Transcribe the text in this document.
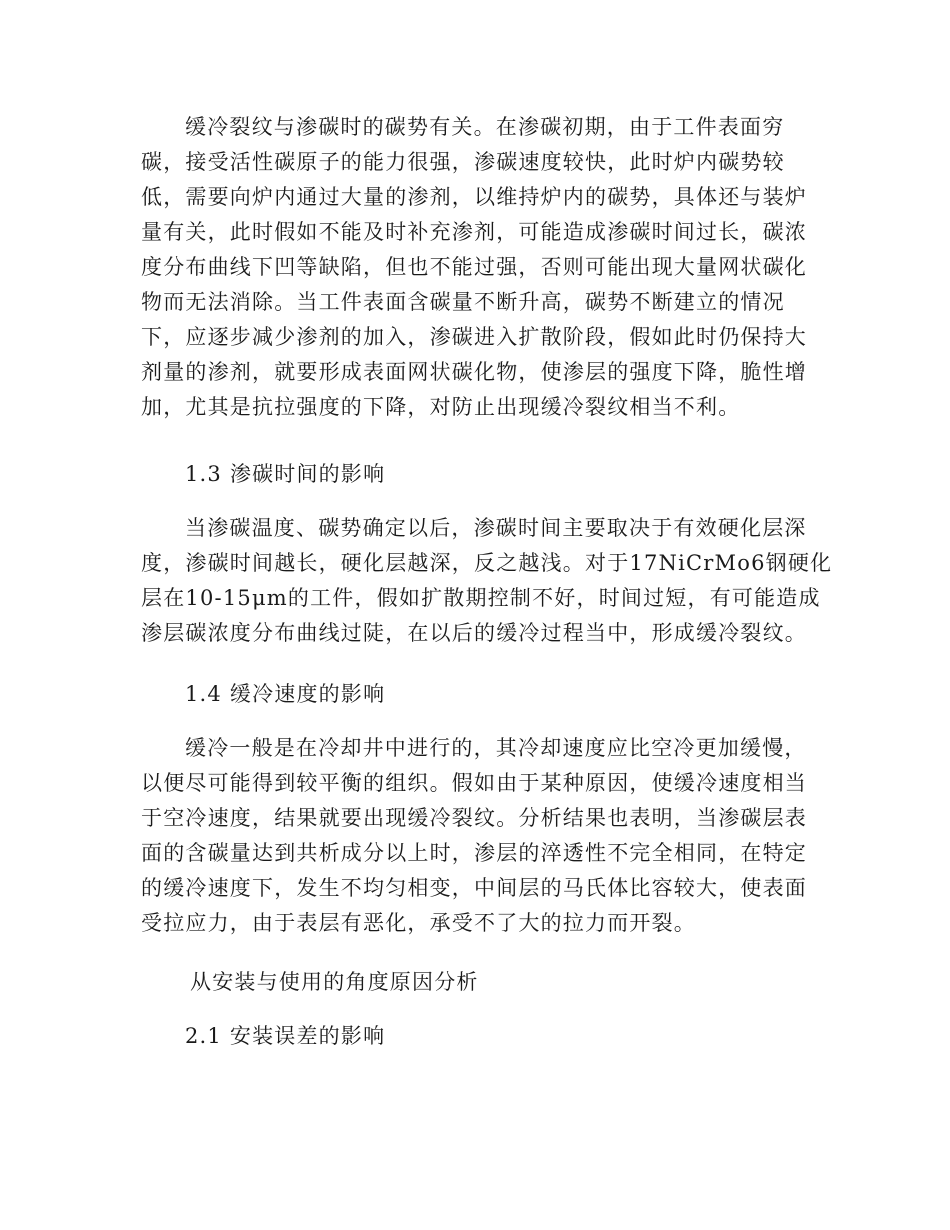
缓冷裂纹与渗碳时的碳势有关。在渗碳初期，由于工件表面穷
碳，接受活性碳原子的能力很强，渗碳速度较快，此时炉内碳势较
低，需要向炉内通过大量的渗剂，以维持炉内的碳势，具体还与装炉
量有关，此时假如不能及时补充渗剂，可能造成渗碳时间过长，碳浓
度分布曲线下凹等缺陷，但也不能过强，否则可能出现大量网状碳化
物而无法消除。当工件表面含碳量不断升高，碳势不断建立的情况
下，应逐步减少渗剂的加入，渗碳进入扩散阶段，假如此时仍保持大
剂量的渗剂，就要形成表面网状碳化物，使渗层的强度下降，脆性增
加，尤其是抗拉强度的下降，对防止出现缓冷裂纹相当不利。
1.3 渗碳时间的影响
当渗碳温度、碳势确定以后，渗碳时间主要取决于有效硬化层深
度，渗碳时间越长，硬化层越深，反之越浅。对于17NiCrMo6钢硬化
层在10-15μm的工件，假如扩散期控制不好，时间过短，有可能造成
渗层碳浓度分布曲线过陡，在以后的缓冷过程当中，形成缓冷裂纹。
1.4 缓冷速度的影响
缓冷一般是在冷却井中进行的，其冷却速度应比空冷更加缓慢，
以便尽可能得到较平衡的组织。假如由于某种原因，使缓冷速度相当
于空冷速度，结果就要出现缓冷裂纹。分析结果也表明，当渗碳层表
面的含碳量达到共析成分以上时，渗层的淬透性不完全相同，在特定
的缓冷速度下，发生不均匀相变，中间层的马氏体比容较大，使表面
受拉应力，由于表层有恶化，承受不了大的拉力而开裂。
从安装与使用的角度原因分析
2.1 安装误差的影响
